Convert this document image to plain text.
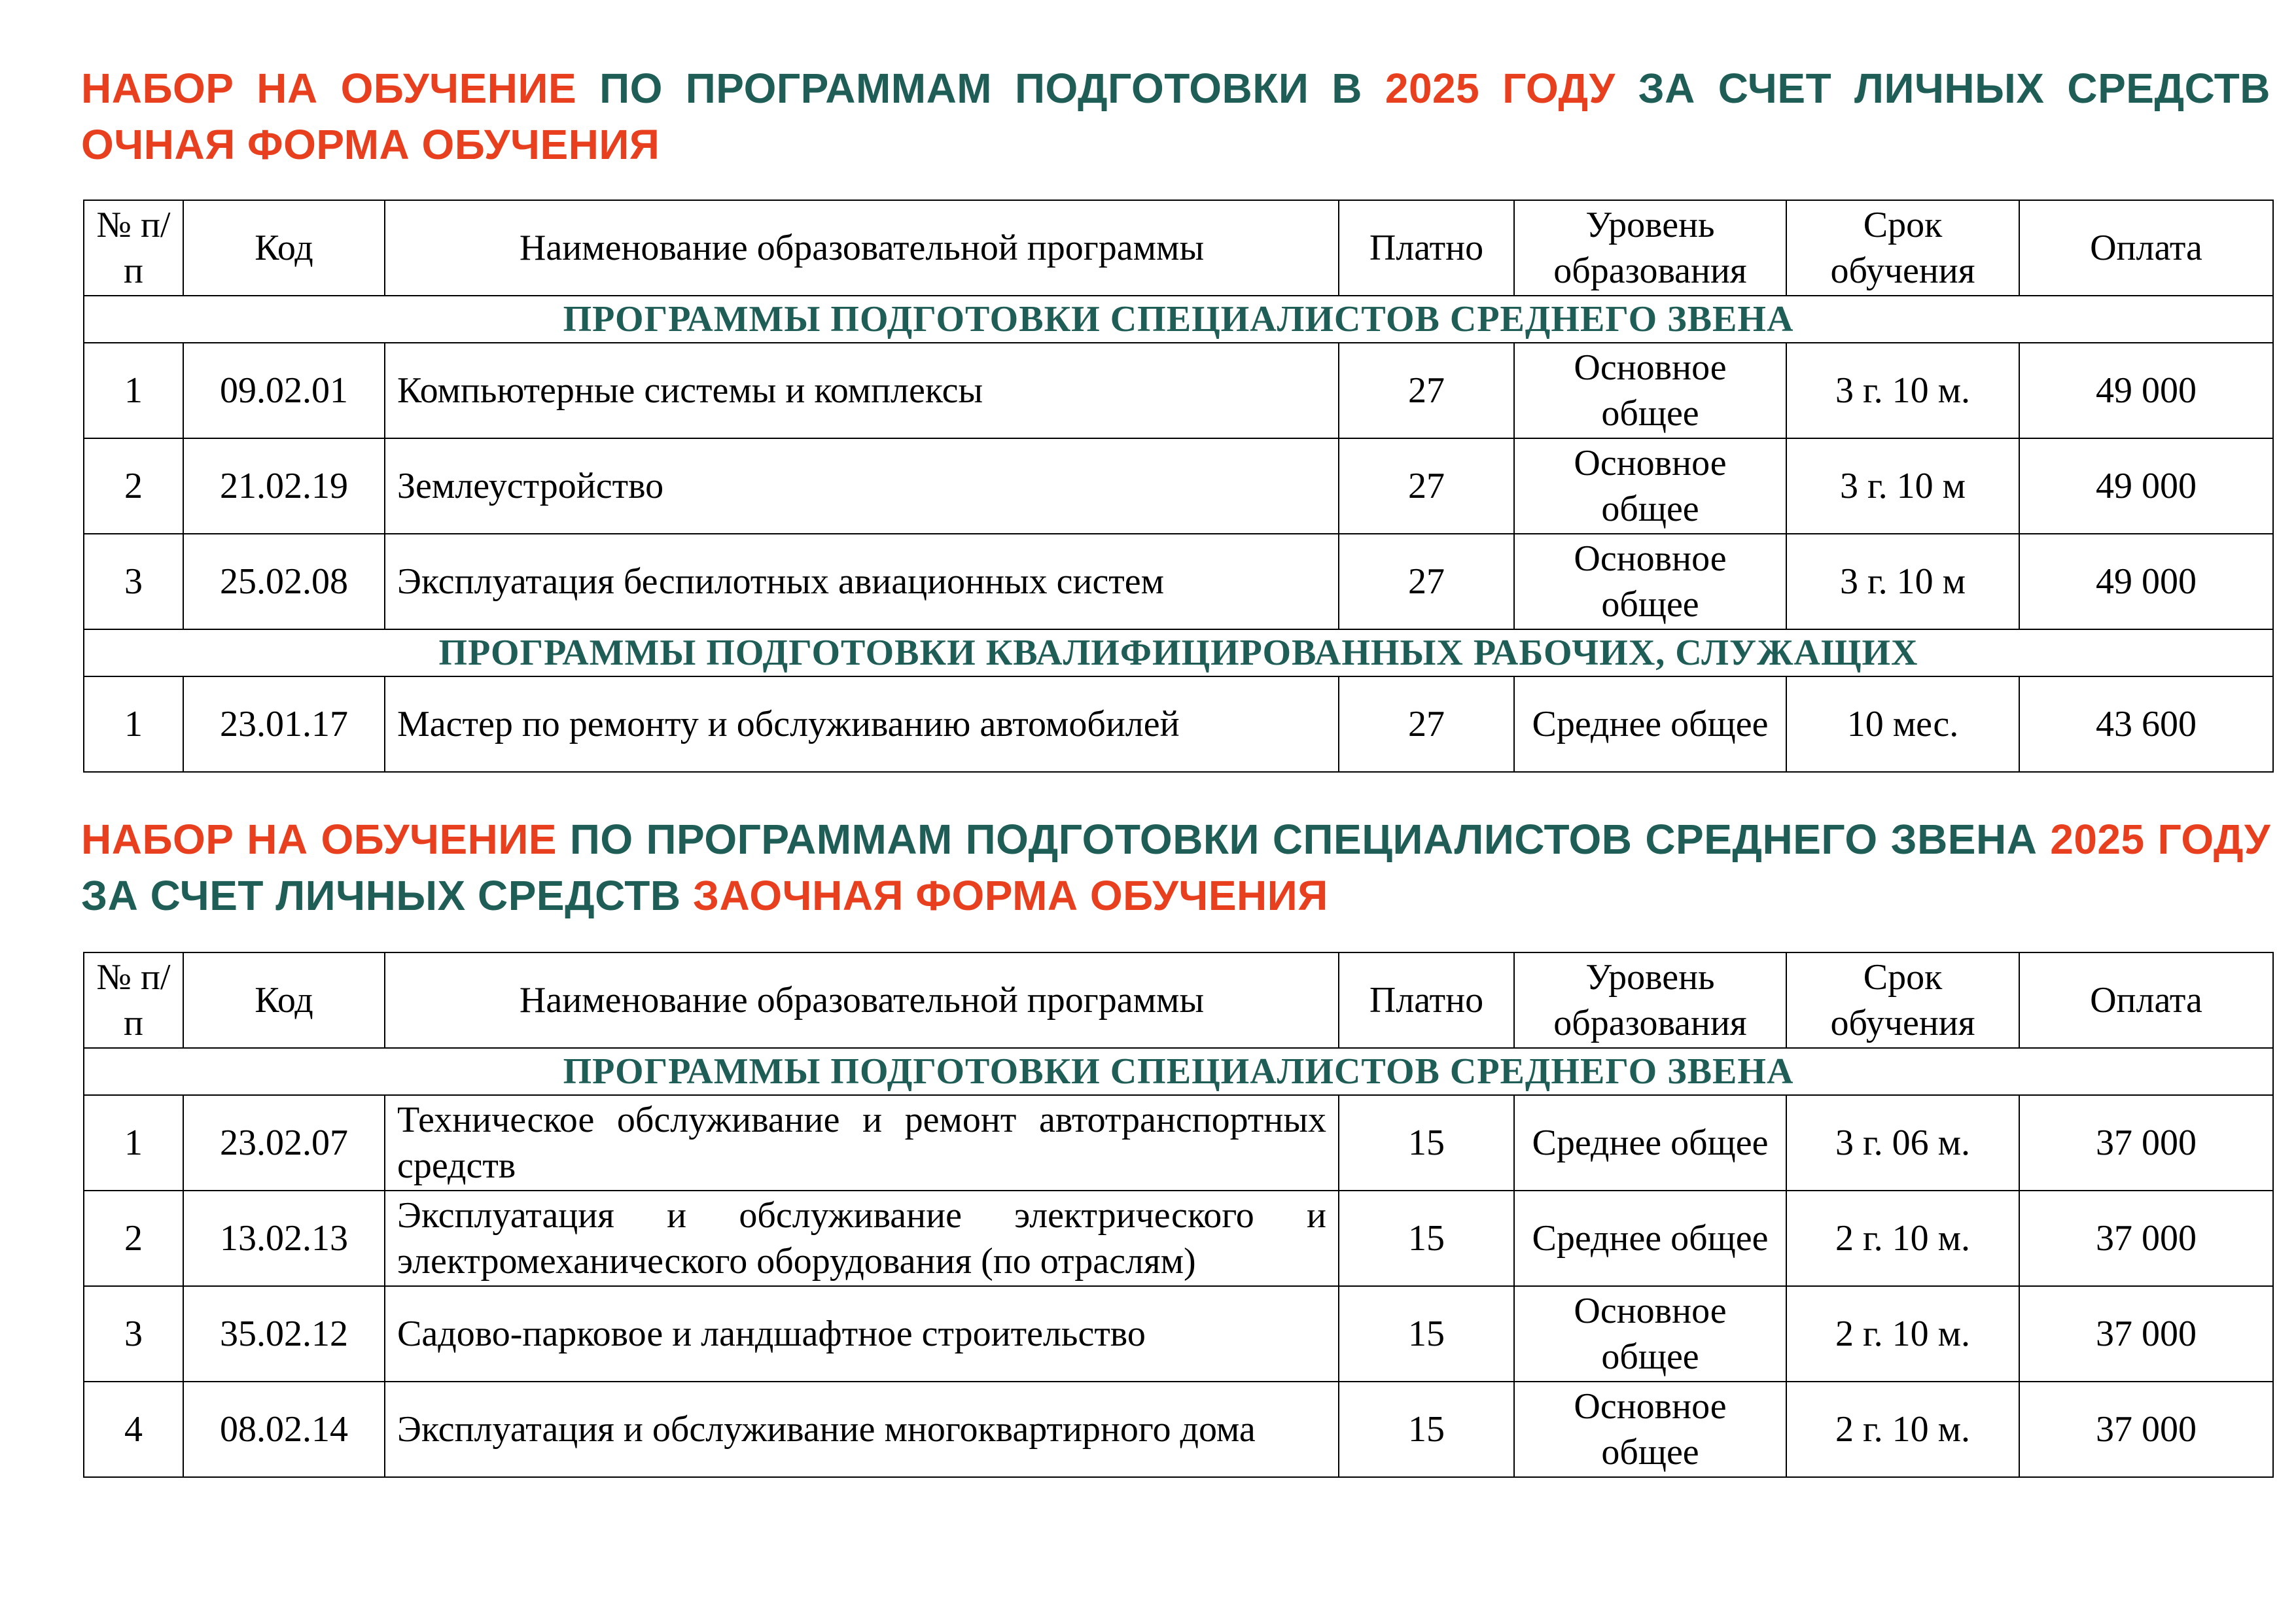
НАБОР НА ОБУЧЕНИЕ ПО ПРОГРАММАМ ПОДГОТОВКИ В 2025 ГОДУ ЗА СЧЕТ ЛИЧНЫХ СРЕДСТВ ОЧНАЯ ФОРМА ОБУЧЕНИЯ
№ п/п	Код	Наименование образовательной программы	Платно	Уровень образования	Срок обучения	Оплата
ПРОГРАММЫ ПОДГОТОВКИ СПЕЦИАЛИСТОВ СРЕДНЕГО ЗВЕНА						
1	09.02.01	Компьютерные системы и комплексы	27	Основное общее	3 г. 10 м.	49 000
2	21.02.19	Землеустройство	27	Основное общее	3 г. 10 м	49 000
3	25.02.08	Эксплуатация беспилотных авиационных систем	27	Основное общее	3 г. 10 м	49 000
ПРОГРАММЫ ПОДГОТОВКИ КВАЛИФИЦИРОВАННЫХ РАБОЧИХ, СЛУЖАЩИХ						
1	23.01.17	Мастер по ремонту и обслуживанию автомобилей	27	Среднее общее	10 мес.	43 600
НАБОР НА ОБУЧЕНИЕ ПО ПРОГРАММАМ ПОДГОТОВКИ СПЕЦИАЛИСТОВ СРЕДНЕГО ЗВЕНА 2025 ГОДУ ЗА СЧЕТ ЛИЧНЫХ СРЕДСТВ ЗАОЧНАЯ ФОРМА ОБУЧЕНИЯ
№ п/п	Код	Наименование образовательной программы	Платно	Уровень образования	Срок обучения	Оплата
ПРОГРАММЫ ПОДГОТОВКИ СПЕЦИАЛИСТОВ СРЕДНЕГО ЗВЕНА						
1	23.02.07	Техническое обслуживание и ремонт автотранспортных средств	15	Среднее общее	3 г. 06 м.	37 000
2	13.02.13	Эксплуатация и обслуживание электрического и электромеханического оборудования (по отраслям)	15	Среднее общее	2 г. 10 м.	37 000
3	35.02.12	Садово-парковое и ландшафтное строительство	15	Основное общее	2 г. 10 м.	37 000
4	08.02.14	Эксплуатация и обслуживание многоквартирного дома	15	Основное общее	2 г. 10 м.	37 000
